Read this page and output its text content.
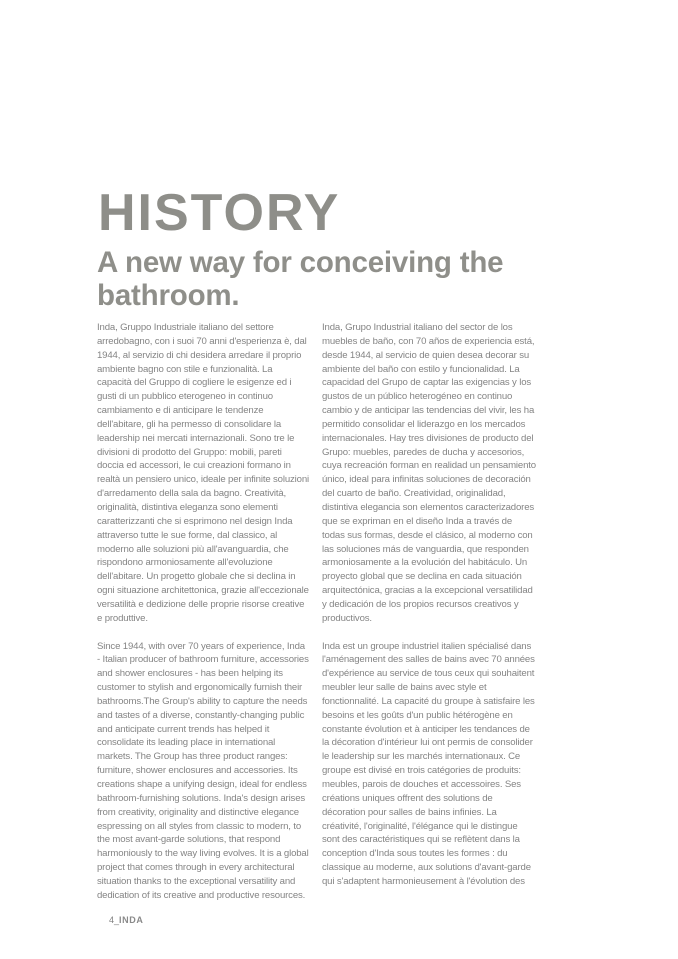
HISTORY
A new way for conceiving the bathroom.

Inda, Gruppo Industriale italiano del settore arredobagno, con i suoi 70 anni d'esperienza è, dal 1944, al servizio di chi desidera arredare il proprio ambiente bagno con stile e funzionalità. La capacità del Gruppo di cogliere le esigenze ed i gusti di un pubblico eterogeneo in continuo cambiamento e di anticipare le tendenze dell'abitare, gli ha permesso di consolidare la leadership nei mercati internazionali. Sono tre le divisioni di prodotto del Gruppo: mobili, pareti doccia ed accessori, le cui creazioni formano in realtà un pensiero unico, ideale per infinite soluzioni d'arredamento della sala da bagno. Creatività, originalità, distintiva eleganza sono elementi caratterizzanti che si esprimono nel design Inda attraverso tutte le sue forme, dal classico, al moderno alle soluzioni più all'avanguardia, che rispondono armoniosamente all'evoluzione dell'abitare. Un progetto globale che si declina in ogni situazione architettonica, grazie all'eccezionale versatilità e dedizione delle proprie risorse creative e produttive.

Since 1944, with over 70 years of experience, Inda - Italian producer of bathroom furniture, accessories and shower enclosures - has been helping its customer to stylish and ergonomically furnish their bathrooms.The Group's ability to capture the needs and tastes of a diverse, constantly-changing public and anticipate current trends has helped it consolidate its leading place in international markets. The Group has three product ranges: furniture, shower enclosures and accessories. Its creations shape a unifying design, ideal for endless bathroom-furnishing solutions. Inda's design arises from creativity, originality and distinctive elegance espressing on all styles from classic to modern, to the most avant-garde solutions, that respond harmoniously to the way living evolves. It is a global project that comes through in every architectural situation thanks to the exceptional versatility and dedication of its creative and productive resources.

Inda, Grupo Industrial italiano del sector de los muebles de baño, con 70 años de experiencia está, desde 1944, al servicio de quien desea decorar su ambiente del baño con estilo y funcionalidad. La capacidad del Grupo de captar las exigencias y los gustos de un público heterogéneo en continuo cambio y de anticipar las tendencias del vivir, les ha permitido consolidar el liderazgo en los mercados internacionales. Hay tres divisiones de producto del Grupo: muebles, paredes de ducha y accesorios, cuya recreación forman en realidad un pensamiento único, ideal para infinitas soluciones de decoración del cuarto de baño. Creatividad, originalidad, distintiva elegancia son elementos caracterizadores que se expriman en el diseño Inda a través de todas sus formas, desde el clásico, al moderno con las soluciones más de vanguardia, que responden armoniosamente a la evolución del habitáculo. Un proyecto global que se declina en cada situación arquitectónica, gracias a la excepcional versatilidad y dedicación de los propios recursos creativos y productivos.

Inda est un groupe industriel italien spécialisé dans l'aménagement des salles de bains avec 70 années d'expérience au service de tous ceux qui souhaitent meubler leur salle de bains avec style et fonctionnalité. La capacité du groupe à satisfaire les besoins et les goûts d'un public hétérogène en constante évolution et à anticiper les tendances de la décoration d'intérieur lui ont permis de consolider le leadership sur les marchés internationaux. Ce groupe est divisé en trois catégories de produits: meubles, parois de douches et accessoires. Ses créations uniques offrent des solutions de décoration pour salles de bains infinies. La créativité, l'originalité, l'élégance qui le distingue sont des caractéristiques qui se reflètent dans la conception d'Inda sous toutes les formes : du classique au moderne, aux solutions d'avant-garde qui s'adaptent harmonieusement à l'évolution des

4_INDA
